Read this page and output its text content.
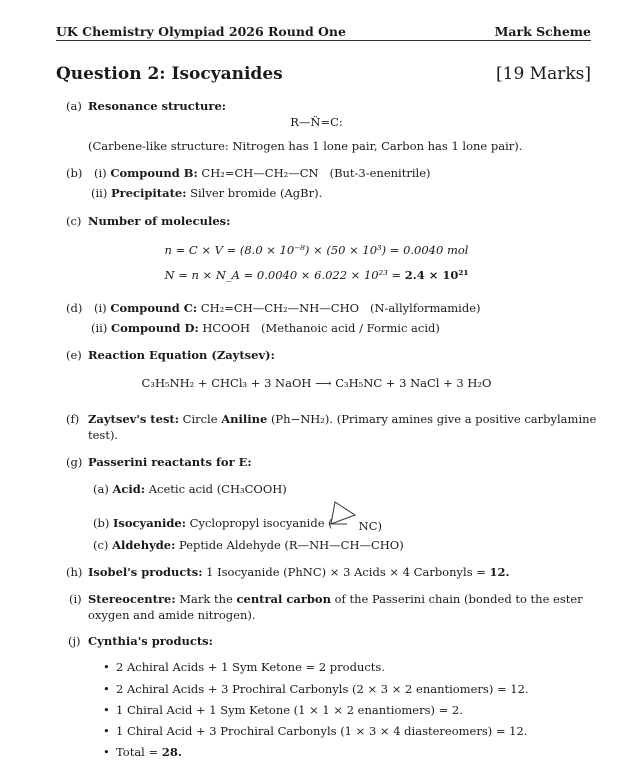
UK Chemistry Olympiad 2026 Round One	Mark Scheme
Question 2: Isocyanides	[19 Marks]
(a) Resonance structure:
R—N̈=C:
(Carbene-like structure: Nitrogen has 1 lone pair, Carbon has 1 lone pair).
(b) (i) Compound B: CH₂=CH—CH₂—CN (But-3-enenitrile)
(ii) Precipitate: Silver bromide (AgBr).
(c) Number of molecules:
n = C × V = (8.0 × 10⁻⁸) × (50 × 10³) = 0.0040 mol
N = n × N_A = 0.0040 × 6.022 × 10²³ = 2.4 × 10²¹
(d) (i) Compound C: CH₂=CH—CH₂—NH—CHO (N-allylformamide)
(ii) Compound D: HCOOH (Methanoic acid / Formic acid)
(e) Reaction Equation (Zaytsev):
C₃H₅NH₂ + CHCl₃ + 3 NaOH ⟶ C₃H₅NC + 3 NaCl + 3 H₂O
(f) Zaytsev's test: Circle Aniline (Ph−NH₂). (Primary amines give a positive carbylamine
test).
(g) Passerini reactants for E:
(a) Acid: Acetic acid (CH₃COOH)
(b) Isocyanide: Cyclopropyl isocyanide ( NC)
(c) Aldehyde: Peptide Aldehyde (R—NH—CH—CHO)
(h) Isobel's products: 1 Isocyanide (PhNC) × 3 Acids × 4 Carbonyls = 12.
(i) Stereocentre: Mark the central carbon of the Passerini chain (bonded to the ester
oxygen and amide nitrogen).
(j) Cynthia's products:
• 2 Achiral Acids + 1 Sym Ketone = 2 products.
• 2 Achiral Acids + 3 Prochiral Carbonyls (2 × 3 × 2 enantiomers) = 12.
• 1 Chiral Acid + 1 Sym Ketone (1 × 1 × 2 enantiomers) = 2.
• 1 Chiral Acid + 3 Prochiral Carbonyls (1 × 3 × 4 diastereomers) = 12.
• Total = 28.
